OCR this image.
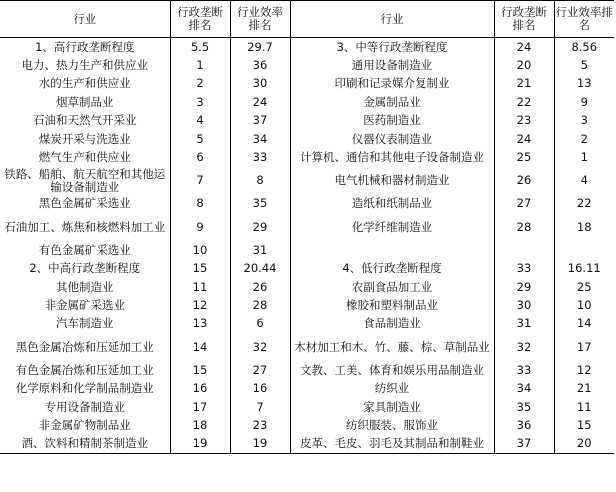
行业	行政垄断排名	行业效率排名	行业	行政垄断排名	行业效率排名
1、高行政垄断程度	5.5	29.7	3、中等行政垄断程度	24	8.56
电力、热力生产和供应业	1	36	通用设备制造业	20	5
水的生产和供应业	2	30	印刷和记录媒介复制业	21	13
烟草制品业	3	24	金属制品业	22	9
石油和天然气开采业	4	37	医药制造业	23	3
煤炭开采与洗选业	5	34	仪器仪表制造业	24	2
燃气生产和供应业	6	33	计算机、通信和其他电子设备制造业	25	1
铁路、船舶、航天航空和其他运输设备制造业	7	8	电气机械和器材制造业	26	4
黑色金属矿采选业	8	35	造纸和纸制品业	27	22
石油加工、炼焦和核燃料加工业	9	29	化学纤维制造业	28	18
有色金属矿采选业	10	31			
2、中高行政垄断程度	15	20.44	4、低行政垄断程度	33	16.11
其他制造业	11	26	农副食品加工业	29	25
非金属矿采选业	12	28	橡胶和塑料制品业	30	10
汽车制造业	13	6	食品制造业	31	14
黑色金属冶炼和压延加工业	14	32	木材加工和木、竹、藤、棕、草制品业	32	17
有色金属冶炼和压延加工业	15	27	文教、工美、体育和娱乐用品制造业	33	12
化学原料和化学制品制造业	16	16	纺织业	34	21
专用设备制造业	17	7	家具制造业	35	11
非金属矿物制品业	18	23	纺织服装、服饰业	36	15
酒、饮料和精制茶制造业	19	19	皮革、毛皮、羽毛及其制品和制鞋业	37	20
